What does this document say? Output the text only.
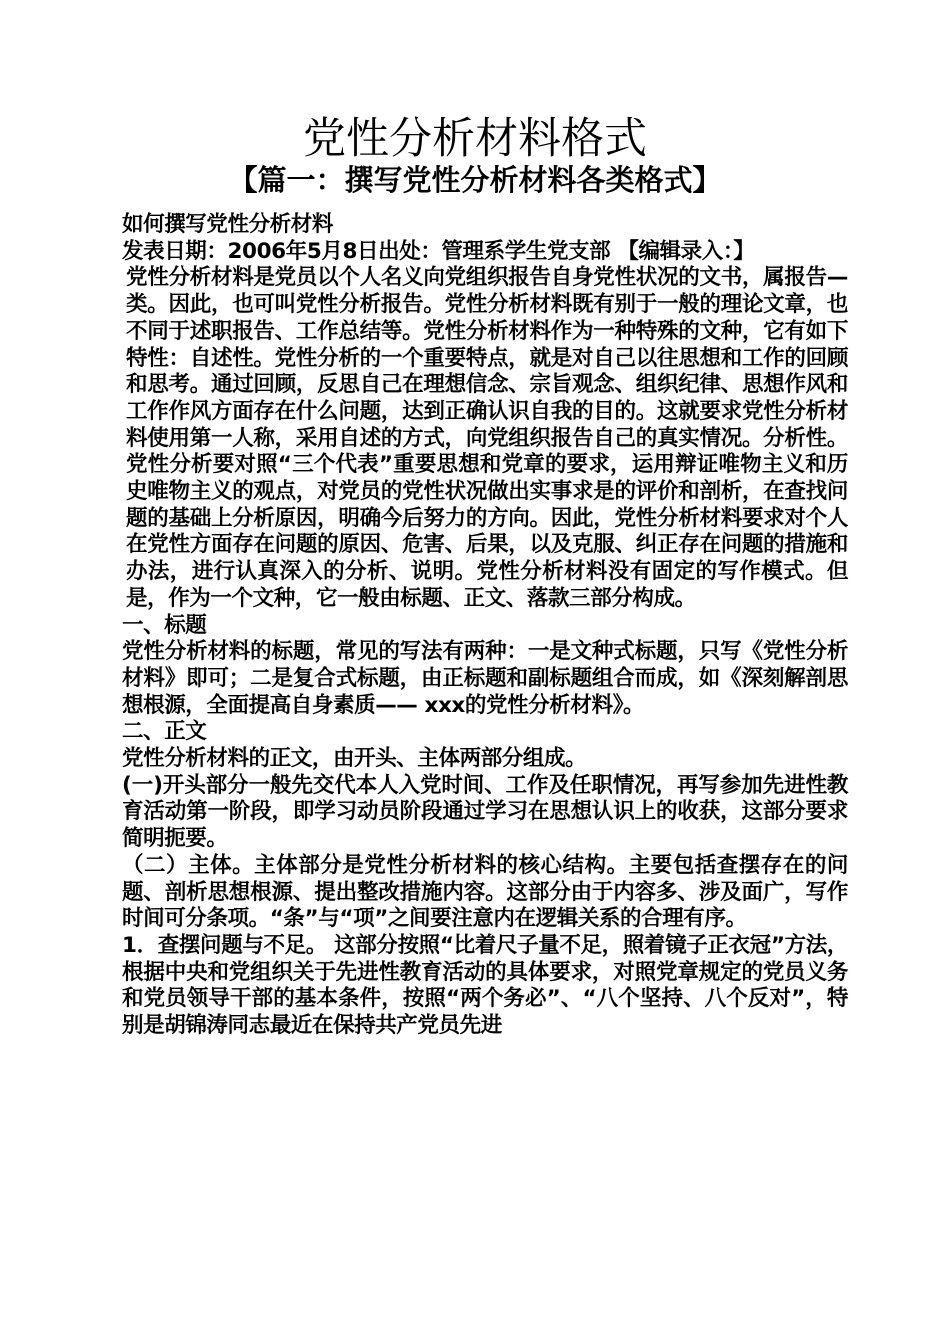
党性分析材料格式
【篇一：撰写党性分析材料各类格式】

如何撰写党性分析材料

发表日期：2006年5月8日出处：管理系学生党支部 【编辑录入：】

党性分析材料是党员以个人名义向党组织报告自身党性状况的文书，属报告—类。因此，也可叫党性分析报告。党性分析材料既有别于一般的理论文章，也不同于述职报告、工作总结等。党性分析材料作为一种特殊的文种，它有如下特性：自述性。党性分析的一个重要特点，就是对自己以往思想和工作的回顾和思考。通过回顾，反思自己在理想信念、宗旨观念、组织纪律、思想作风和工作作风方面存在什么问题，达到正确认识自我的目的。这就要求党性分析材料使用第一人称，采用自述的方式，向党组织报告自己的真实情况。分析性。党性分析要对照“三个代表”重要思想和党章的要求，运用辩证唯物主义和历史唯物主义的观点，对党员的党性状况做出实事求是的评价和剖析，在查找问题的基础上分析原因，明确今后努力的方向。因此，党性分析材料要求对个人在党性方面存在问题的原因、危害、后果，以及克服、纠正存在问题的措施和办法，进行认真深入的分析、说明。党性分析材料没有固定的写作模式。但是，作为一个文种，它一般由标题、正文、落款三部分构成。

一、标题

党性分析材料的标题，常见的写法有两种：一是文种式标题，只写《党性分析材料》即可；二是复合式标题，由正标题和副标题组合而成，如《深刻解剖思想根源，全面提高自身素质—— xxx的党性分析材料》。

二、正文

党性分析材料的正文，由开头、主体两部分组成。

(一)开头部分一般先交代本人入党时间、工作及任职情况，再写参加先进性教育活动第一阶段，即学习动员阶段通过学习在思想认识上的收获，这部分要求简明扼要。

（二）主体。主体部分是党性分析材料的核心结构。主要包括查摆存在的问题、剖析思想根源、提出整改措施内容。这部分由于内容多、涉及面广，写作时间可分条项。“条”与“项”之间要注意内在逻辑关系的合理有序。

1．查摆问题与不足。 这部分按照“比着尺子量不足，照着镜子正衣冠”方法，根据中央和党组织关于先进性教育活动的具体要求，对照党章规定的党员义务和党员领导干部的基本条件，按照“两个务必”、“八个坚持、八个反对”，特别是胡锦涛同志最近在保持共产党员先进
